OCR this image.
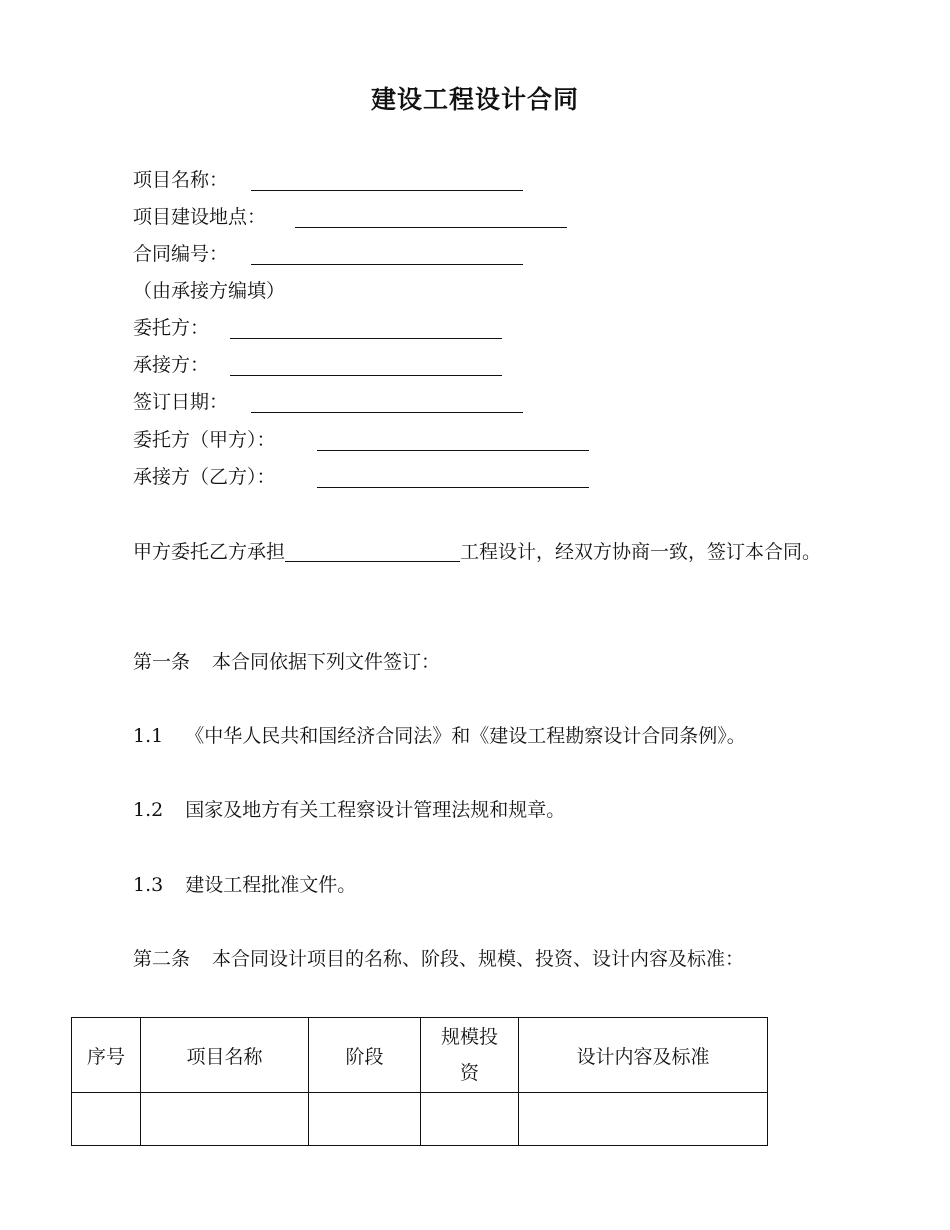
建设工程设计合同
项目名称：
项目建设地点：
合同编号：
（由承接方编填）
委托方：
承接方：
签订日期：
委托方（甲方）：
承接方（乙方）：
甲方委托乙方承担	工程设计，经双方协商一致，签订本合同。
第一条 本合同依据下列文件签订：
1.1 《中华人民共和国经济合同法》和《建设工程勘察设计合同条例》。
1.2 国家及地方有关工程察设计管理法规和规章。
1.3 建设工程批准文件。
第二条 本合同设计项目的名称、阶段、规模、投资、设计内容及标准：
序号	项目名称	阶段	规模投资	设计内容及标准
